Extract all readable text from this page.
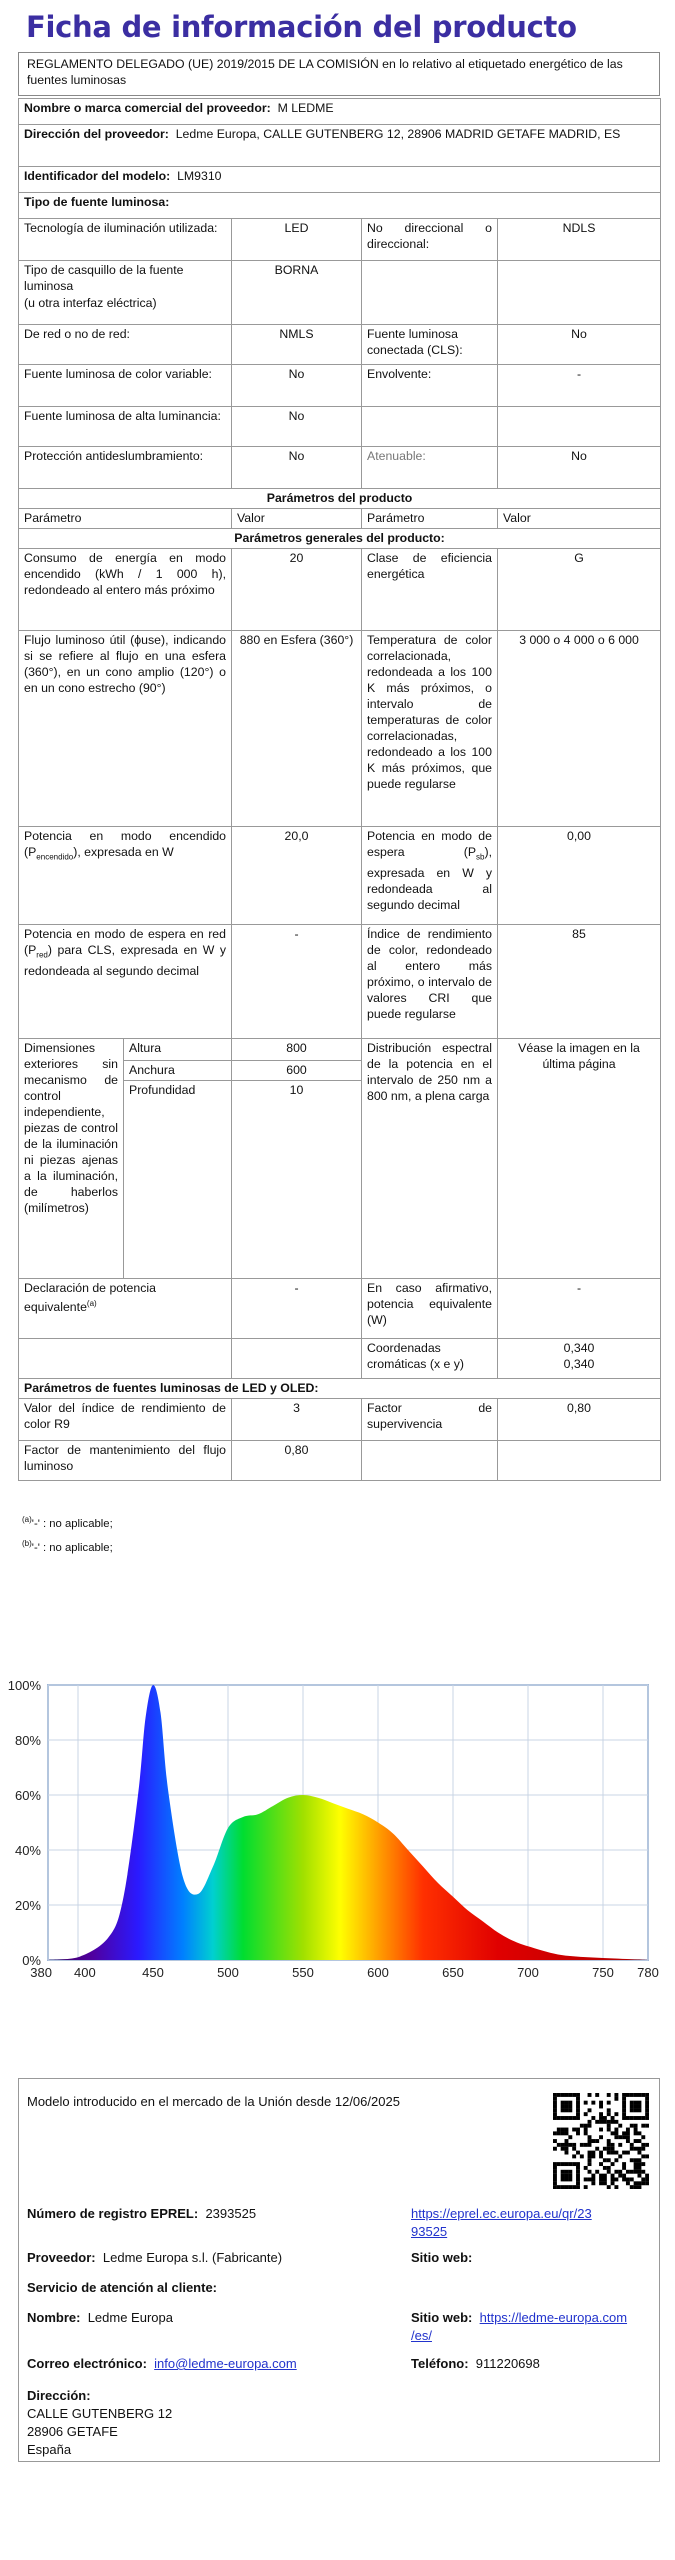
Ficha de información del producto
REGLAMENTO DELEGADO (UE) 2019/2015 DE LA COMISIÓN en lo relativo al etiquetado energético de las fuentes luminosas
Nombre o marca comercial del proveedor: M LEDME				
Dirección del proveedor: Ledme Europa, CALLE GUTENBERG 12, 28906 MADRID GETAFE MADRID, ES				
Identificador del modelo: LM9310				
Tipo de fuente luminosa:				
Tecnología de iluminación utilizada:		LED	No direccional o direccional:	NDLS

Tipo de casquillo de la fuente luminosa
(u otra interfaz eléctrica)		BORNA		
De red o no de red:		NMLS	Fuente luminosa conectada (CLS):	No
Fuente luminosa de color variable:		No	Envolvente:	-
Fuente luminosa de alta luminancia:		No		
Protección antideslumbramiento:		No	Atenuable:	No
Parámetros del producto				
Parámetro		Valor	Parámetro	Valor
Parámetros generales del producto:				
Consumo de energía en modo encendido (kWh / 1 000 h), redondeado al entero más próximo		20	Clase de eficiencia energética	G
Flujo luminoso útil (ϕuse), indicando si se refiere al flujo en una esfera (360°), en un cono amplio (120°) o en un cono estrecho (90°)		880 en Esfera (360°)	Temperatura de color correlacionada, redondeada a los 100 K más próximos, o intervalo de temperaturas de color correlacionadas, redondeado a los 100 K más próximos, que puede regularse	3 000 o 4 000 o 6 000
Potencia en modo encendido $(P_{encendido})$, expresada en W		20,0	Potencia en modo de espera $(P_{sb})$, expresada en W y redondeada al segundo decimal	0,00
Potencia en modo de espera en red $(P_{red})$ para CLS, expresada en W y redondeada al segundo decimal		-	Índice de rendimiento de color, redondeado al entero más próximo, o intervalo de valores CRI que puede regularse	85
Dimensiones exteriores sin mecanismo de control independiente, piezas de control de la iluminación ni piezas ajenas a la iluminación, de haberlos (milímetros)	Altura	800	Distribución espectral de la potencia en el intervalo de 250 nm a 800 nm, a plena carga	Véase la imagen en la última página
	Anchura	600		
	Profundidad	10		
Declaración de potencia equivalente$^{(a)}$		-	En caso afirmativo, potencia equivalente (W)	-
			Coordenadas cromáticas (x e y)	0,340
0,340

Parámetros de fuentes luminosas de LED y OLED:				
Valor del índice de rendimiento de color R9		3	Factor de supervivencia	0,80
Factor de mantenimiento del flujo luminoso		0,80		
$^{(a)}$'-' : no aplicable;
$^{(b)}$'-' : no aplicable;
0%
20%
40%
60%
80%
100%
380 400	450	500	550	600	650	700	750 780
Modelo introducido en el mercado de la Unión desde 12/06/2025
Número de registro EPREL: 2393525	https://eprel.ec.europa.eu/qr/23
93525
Proveedor: Ledme Europa s.l. (Fabricante)	Sitio web:
Servicio de atención al cliente:
Nombre: Ledme Europa	Sitio web: https://ledme-europa.com
/es/
Correo electrónico: info@ledme-europa.com	Teléfono: 911220698
Dirección:
CALLE GUTENBERG 12
28906 GETAFE
España
